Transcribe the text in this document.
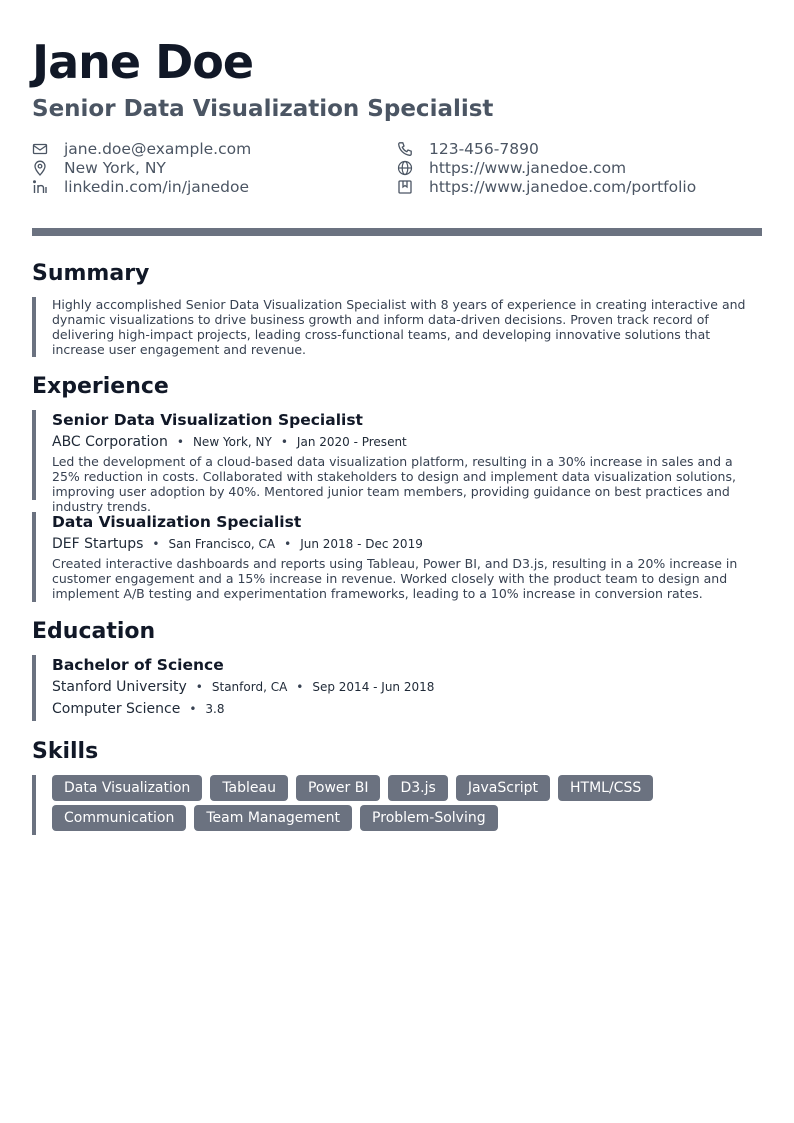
Jane Doe
Senior Data Visualization Specialist
jane.doe@example.com
New York, NY
linkedin.com/in/janedoe
123-456-7890
https://www.janedoe.com
https://www.janedoe.com/portfolio
Summary

Highly accomplished Senior Data Visualization Specialist with 8 years of experience in creating interactive and dynamic visualizations to drive business growth and inform data-driven decisions. Proven track record of delivering high-impact projects, leading cross-functional teams, and developing innovative solutions that increase user engagement and revenue.

Experience
Senior Data Visualization Specialist
ABC Corporation • New York, NY • Jan 2020 - Present

Led the development of a cloud-based data visualization platform, resulting in a 30% increase in sales and a 25% reduction in costs. Collaborated with stakeholders to design and implement data visualization solutions, improving user adoption by 40%. Mentored junior team members, providing guidance on best practices and industry trends.

Data Visualization Specialist
DEF Startups • San Francisco, CA • Jun 2018 - Dec 2019

Created interactive dashboards and reports using Tableau, Power BI, and D3.js, resulting in a 20% increase in customer engagement and a 15% increase in revenue. Worked closely with the product team to design and implement A/B testing and experimentation frameworks, leading to a 10% increase in conversion rates.

Education
Bachelor of Science
Stanford University • Stanford, CA • Sep 2014 - Jun 2018
Computer Science • 3.8
Skills
Data Visualization	Tableau	Power BI	D3.js	JavaScript	HTML/CSS
Communication	Team Management	Problem-Solving
